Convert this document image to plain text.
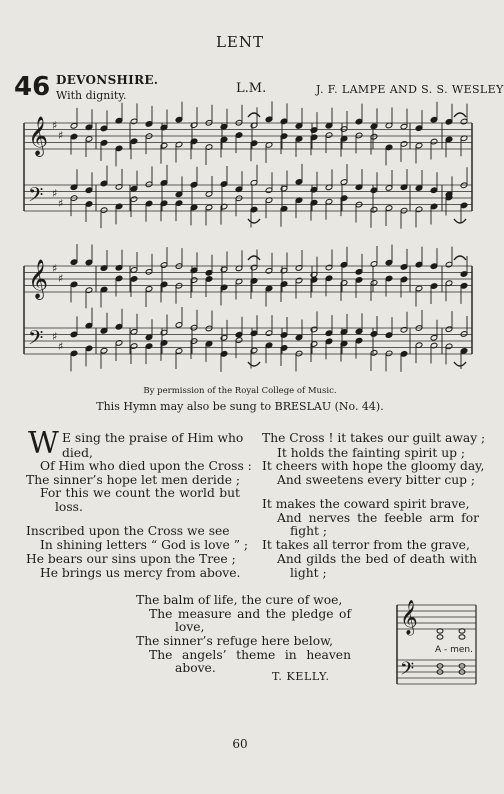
LENT
46 DEVONSHIRE.
With dignity.	L.M.	J. F. LAMPE AND S. S. WESLEY
𝄞
𝄢
♯
♯
♯
♯
𝄞
𝄢
♯
♯
♯
♯
𝄞
𝄢
By permission of the Royal College of Music.
This Hymn may also be sung to BRESLAU (No. 44).
W E sing the praise of Him who
died,
Of Him who died upon the Cross :
The sinner’s hope let men deride ;
For this we count the world but
loss.
Inscribed upon the Cross we see
In shining letters “ God is love ” ;
He bears our sins upon the Tree ;
He brings us mercy from above.
The Cross ! it takes our guilt away ;
It holds the fainting spirit up ;
It cheers with hope the gloomy day,
And sweetens every bitter cup ;
It makes the coward spirit brave,
And nerves the feeble arm for
fight ;
It takes all terror from the grave,
And gilds the bed of death with
light ;
The balm of life, the cure of woe,
The measure and the pledge of
love,
The sinner’s refuge here below,
The angels’ theme in heaven
above.
T. KELLY.
A - men.
60
